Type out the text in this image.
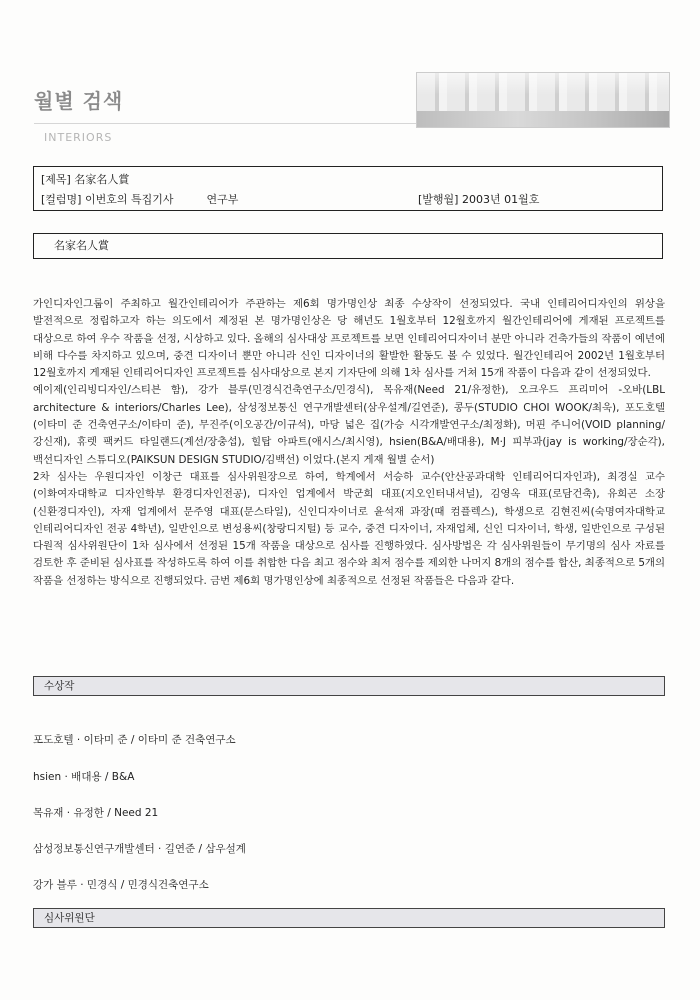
월별 검색
INTERIORS
[제목] 名家名人賞
[컬럼명] 이번호의 특집기사	연구부	[발행월] 2003년 01월호
名家名人賞

가인디자인그룹이 주최하고 월간인테리어가 주관하는 제6회 명가명인상 최종 수상작이 선정되었다. 국내 인테리어디자인의 위상을 발전적으로 정립하고자 하는 의도에서 제정된 본 명가명인상은 당 해년도 1월호부터 12월호까지 월간인테리어에 게재된 프로젝트를 대상으로 하여 우수 작품을 선정, 시상하고 있다. 올해의 심사대상 프로젝트를 보면 인테리어디자이너 분만 아니라 건축가들의 작품이 예년에 비해 다수를 차지하고 있으며, 중견 디자이너 뿐만 아니라 신인 디자이너의 활발한 활동도 볼 수 있었다. 월간인테리어 2002년 1월호부터 12월호까지 게재된 인테리어디자인 프로젝트를 심사대상으로 본지 기자단에 의해 1차 심사를 거쳐 15개 작품이 다음과 같이 선정되었다.

예이제(인리빙디자인/스티븐 함), 강가 블루(민경식건축연구소/민경식), 목유재(Need 21/유정한), 오크우드 프리미어 -오바(LBL architecture & interiors/Charles Lee), 삼성정보통신 연구개발센터(삼우설계/길연준), 콩두(STUDIO CHOI WOOK/최욱), 포도호텔(이타미 준 건축연구소/이타미 준), 무진주(이오공간/이규석), 마당 넓은 집(가승 시각개발연구소/최정화), 머핀 주니어(VOID planning/강신재), 휴렛 팩커드 타일랜드(계선/장충섭), 힐탑 아파트(애시스/최시영), hsien(B&A/배대용), M·J 피부과(jay is working/장순각), 백선디자인 스튜디오(PAIKSUN DESIGN STUDIO/김백선) 이었다.(본지 게재 월별 순서)

2차 심사는 우원디자인 이창근 대표를 심사위원장으로 하여, 학계에서 서승하 교수(안산공과대학 인테리어디자인과), 최경실 교수(이화여자대학교 디자인학부 환경디자인전공), 디자인 업계에서 박군희 대표(지오인터내셔널), 김영옥 대표(로담건축), 유희곤 소장(신환경디자인), 자재 업계에서 문주영 대표(문스타일), 신인디자이너로 윤석재 과장(때 컴플렉스), 학생으로 김현진씨(숙명여자대학교 인테리어디자인 전공 4학년), 일반인으로 변성용씨(창랑디지털) 등 교수, 중견 디자이너, 자재업체, 신인 디자이너, 학생, 일반인으로 구성된 다원적 심사위원단이 1차 심사에서 선정된 15개 작품을 대상으로 심사를 진행하였다. 심사방법은 각 심사위원들이 무기명의 심사 자료를 검토한 후 준비된 심사표를 작성하도록 하여 이를 취합한 다음 최고 점수와 최저 점수를 제외한 나머지 8개의 점수를 합산, 최종적으로 5개의 작품을 선정하는 방식으로 진행되었다. 금번 제6회 명가명인상에 최종적으로 선정된 작품들은 다음과 같다.

수상작
포도호텔 · 이타미 준 / 이타미 준 건축연구소
hsien · 배대용 / B&A
목유재 · 유정한 / Need 21
삼성정보통신연구개발센터 · 길연준 / 삼우설계
강가 블루 · 민경식 / 민경식건축연구소
심사위원단
